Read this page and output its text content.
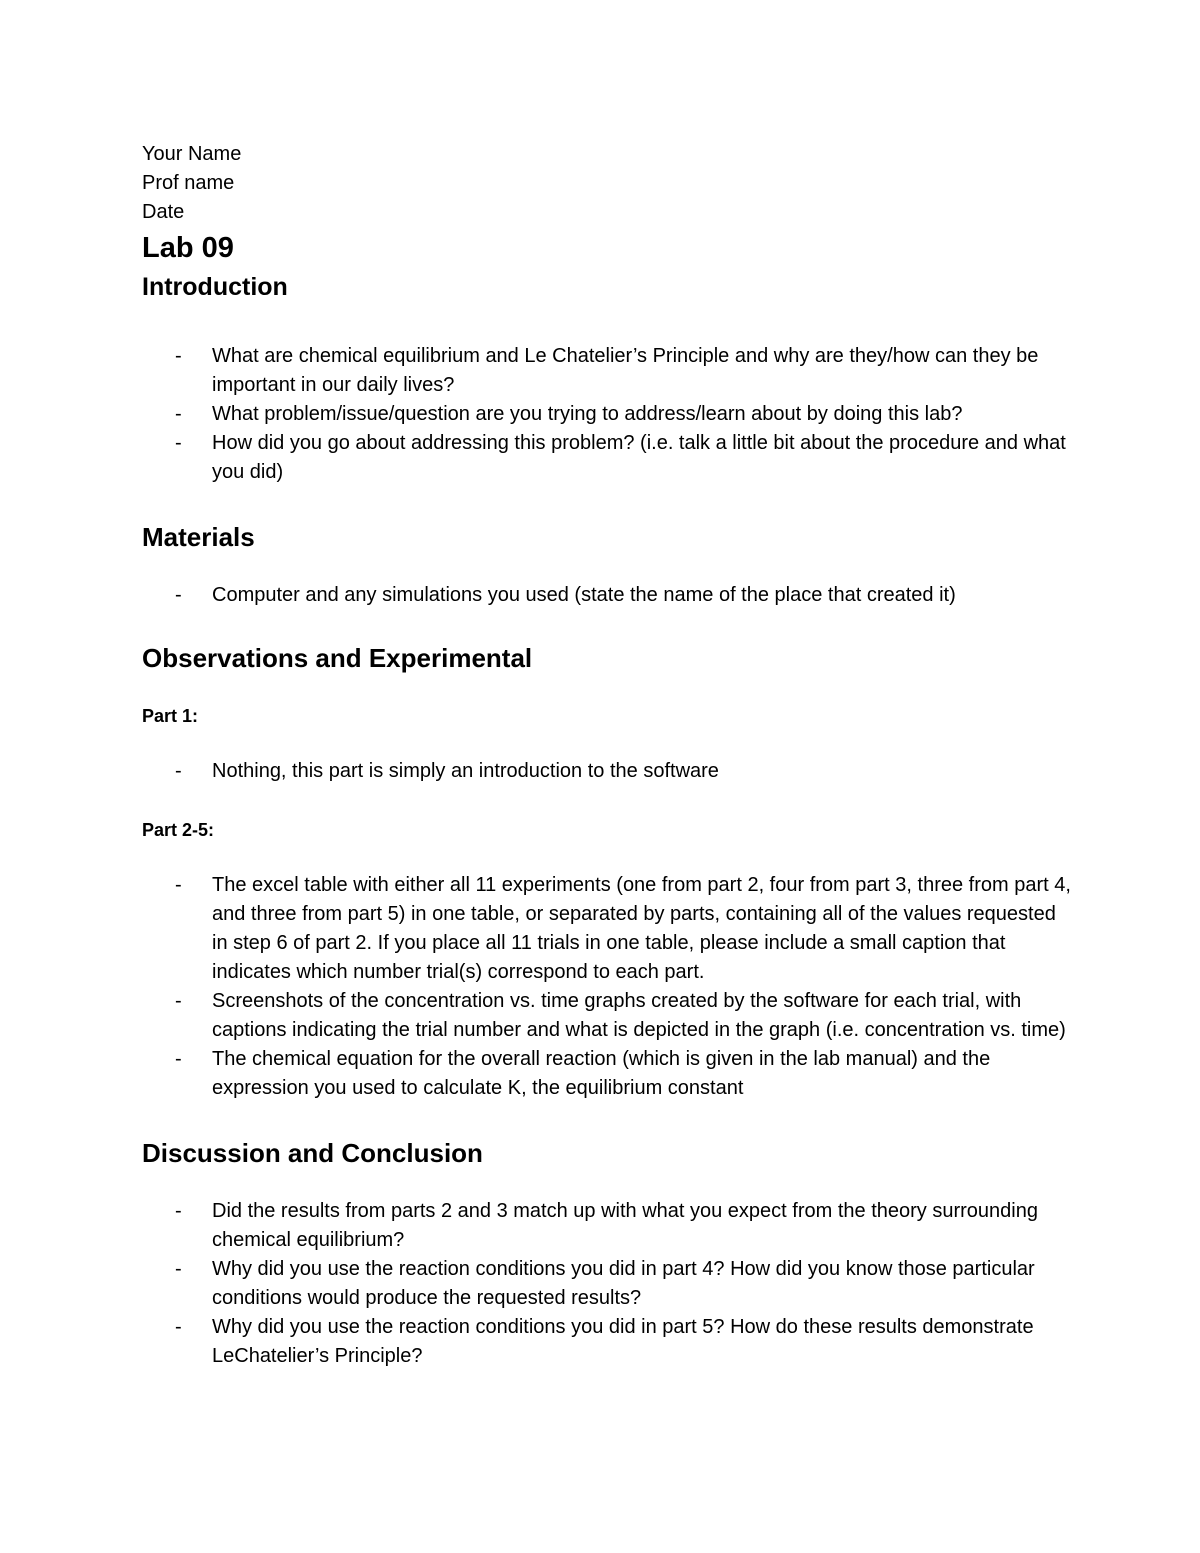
Your Name

Prof name

Date

Lab 09
Introduction
- What are chemical equilibrium and Le Chatelier’s Principle and why are they/how can they be important in our daily lives?
- What problem/issue/question are you trying to address/learn about by doing this lab?
- How did you go about addressing this problem? (i.e. talk a little bit about the procedure and what you did)
Materials
- Computer and any simulations you used (state the name of the place that created it)
Observations and Experimental

Part 1:

- Nothing, this part is simply an introduction to the software

Part 2-5:

- The excel table with either all 11 experiments (one from part 2, four from part 3, three from part 4, and three from part 5) in one table, or separated by parts, containing all of the values requested in step 6 of part 2. If you place all 11 trials in one table, please include a small caption that indicates which number trial(s) correspond to each part.
- Screenshots of the concentration vs. time graphs created by the software for each trial, with captions indicating the trial number and what is depicted in the graph (i.e. concentration vs. time)
- The chemical equation for the overall reaction (which is given in the lab manual) and the expression you used to calculate K, the equilibrium constant
Discussion and Conclusion
- Did the results from parts 2 and 3 match up with what you expect from the theory surrounding chemical equilibrium?
- Why did you use the reaction conditions you did in part 4? How did you know those particular conditions would produce the requested results?
- Why did you use the reaction conditions you did in part 5? How do these results demonstrate LeChatelier’s Principle?
